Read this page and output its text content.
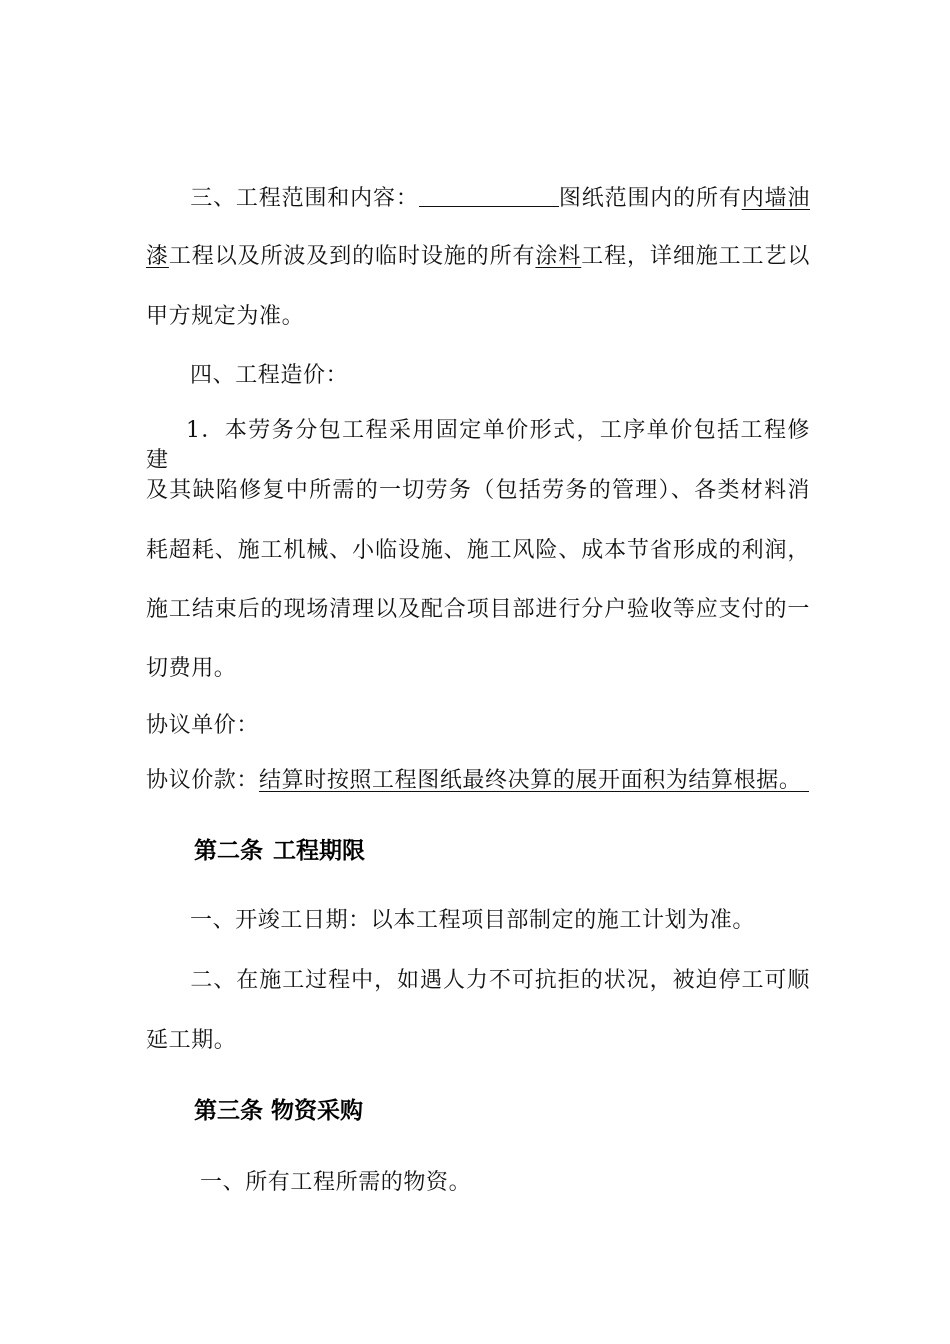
三、工程范围和内容：	图纸范围内的所有内墙油
漆工程以及所波及到的临时设施的所有涂料工程，详细施工工艺以
甲方规定为准。
四、工程造价：
1．本劳务分包工程采用固定单价形式，工序单价包括工程修建
及其缺陷修复中所需的一切劳务（包括劳务的管理）、各类材料消
耗超耗、施工机械、小临设施、施工风险、成本节省形成的利润，
施工结束后的现场清理以及配合项目部进行分户验收等应支付的一
切费用。
协议单价：
协议价款：结算时按照工程图纸最终决算的展开面积为结算根据。
第二条 工程期限
一、开竣工日期：以本工程项目部制定的施工计划为准。
二、在施工过程中，如遇人力不可抗拒的状况，被迫停工可顺
延工期。
第三条 物资采购
一、所有工程所需的物资。
